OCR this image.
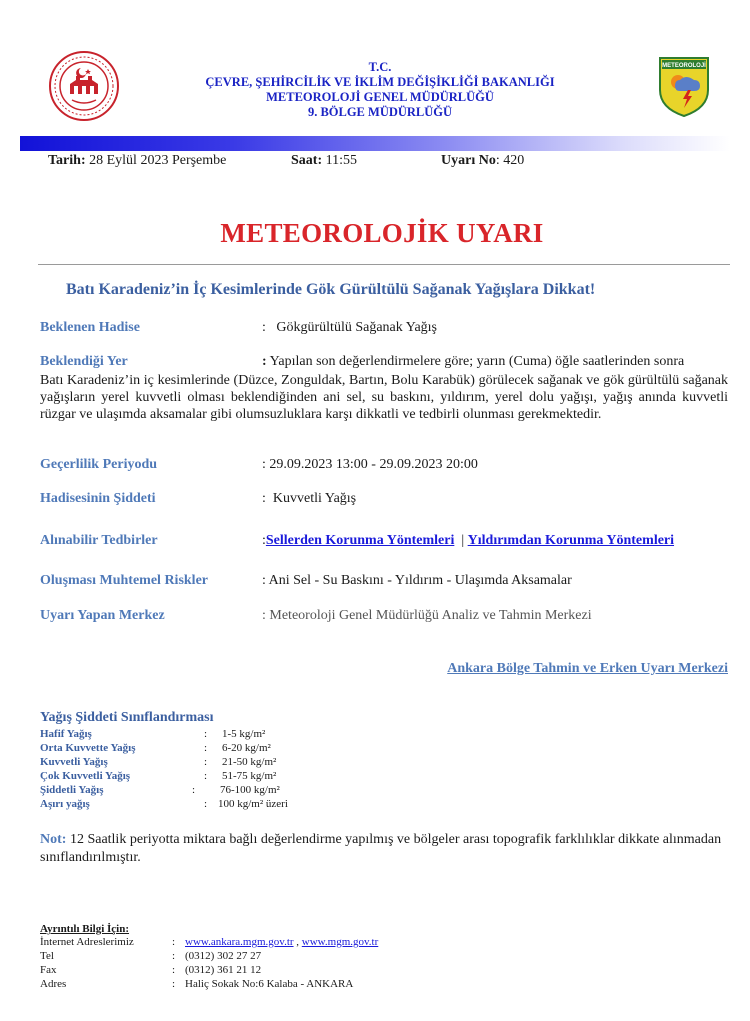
T.C.
ÇEVRE, ŞEHİRCİLİK VE İKLİM DEĞİŞİKLİĞİ BAKANLIĞI
METEOROLOJİ GENEL MÜDÜRLÜĞÜ
9. BÖLGE MÜDÜRLÜĞÜ
METEOROLOJİ
Tarih: 28 Eylül 2023 Perşembe	Saat: 11:55	Uyarı No: 420
METEOROLOJİK UYARI
Batı Karadeniz’in İç Kesimlerinde Gök Gürültülü Sağanak Yağışlara Dikkat!
Beklenen Hadise	:   Gökgürültülü Sağanak Yağış
Beklendiği Yer	: Yapılan son değerlendirmelere göre; yarın (Cuma) öğle saatlerinden sonra
Batı Karadeniz’in iç kesimlerinde (Düzce, Zonguldak, Bartın, Bolu Karabük) görülecek sağanak ve gök gürültülü sağanak yağışların yerel kuvvetli olması beklendiğinden ani sel, su baskını, yıldırım, yerel dolu yağışı, yağış anında kuvvetli rüzgar ve ulaşımda aksamalar gibi olumsuzluklara karşı dikkatli ve tedbirli olunması gerekmektedir.
Geçerlilik Periyodu	: 29.09.2023 13:00 - 29.09.2023 20:00
Hadisesinin Şiddeti	:  Kuvvetli Yağış
Alınabilir Tedbirler	:Sellerden Korunma Yöntemleri  | Yıldırımdan Korunma Yöntemleri
Oluşması Muhtemel Riskler	: Ani Sel - Su Baskını - Yıldırım - Ulaşımda Aksamalar
Uyarı Yapan Merkez	: Meteoroloji Genel Müdürlüğü Analiz ve Tahmin Merkezi
Ankara Bölge Tahmin ve Erken Uyarı Merkezi
Yağış Şiddeti Sınıflandırması
Hafif Yağış	: 1-5 kg/m²
Orta Kuvvette Yağış	: 6-20 kg/m²
Kuvvetli Yağış	: 21-50 kg/m²
Çok Kuvvetli Yağış	: 51-75 kg/m²
Şiddetli Yağış	: 76-100 kg/m²
Aşırı yağış	: 100 kg/m² üzeri
Not: 12 Saatlik periyotta miktara bağlı değerlendirme yapılmış ve bölgeler arası topografik farklılıklar dikkate alınmadan sınıflandırılmıştır.
Ayrıntılı Bilgi İçin:
İnternet Adreslerimiz	: www.ankara.mgm.gov.tr , www.mgm.gov.tr
Tel	: (0312) 302 27 27
Fax	: (0312) 361 21 12
Adres	: Haliç Sokak No:6 Kalaba - ANKARA
